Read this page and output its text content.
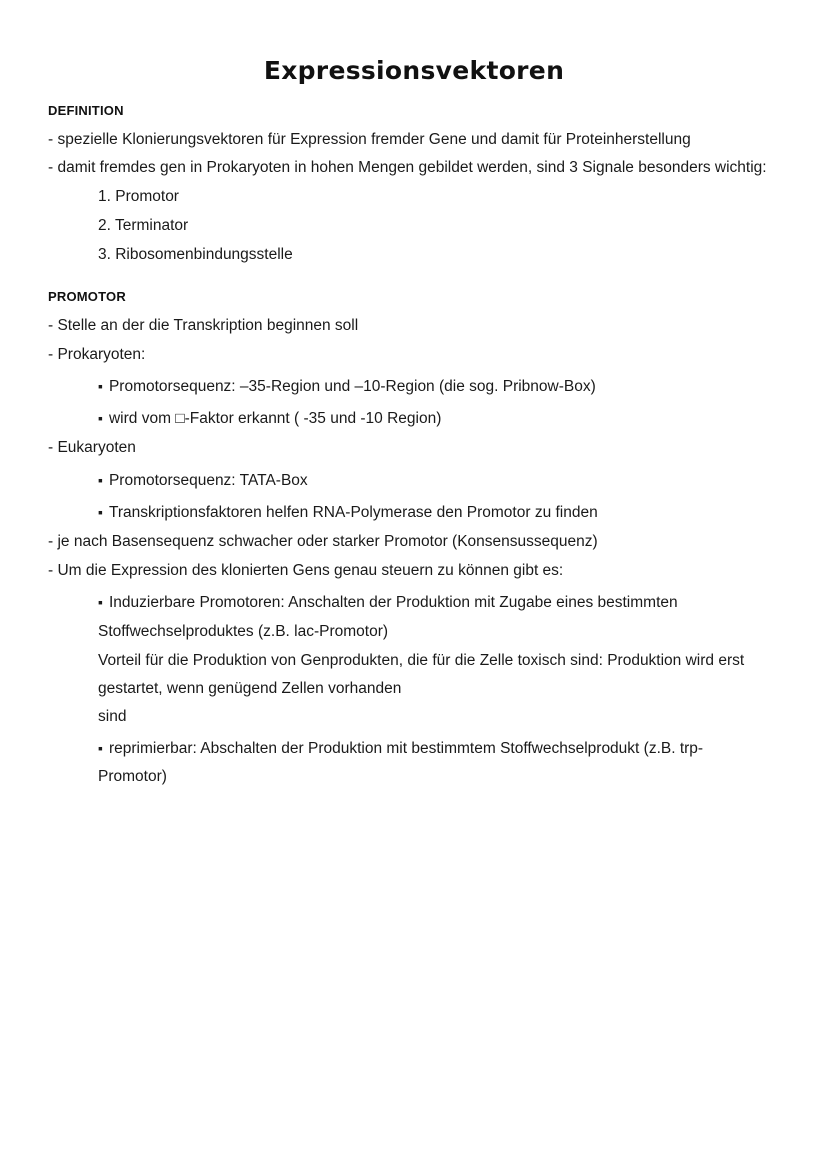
Expressionsvektoren
DEFINITION
- spezielle Klonierungsvektoren für Expression fremder Gene und damit für Proteinherstellung
- damit fremdes gen in Prokaryoten in hohen Mengen gebildet werden, sind 3 Signale besonders wichtig:
1. Promotor
2. Terminator
3. Ribosomenbindungsstelle
PROMOTOR
- Stelle an der die Transkription beginnen soll
- Prokaryoten:
▪ Promotorsequenz: –35-Region und –10-Region (die sog. Pribnow-Box)
▪ wird vom □-Faktor erkannt ( -35 und -10 Region)
- Eukaryoten
▪ Promotorsequenz: TATA-Box
▪ Transkriptionsfaktoren helfen RNA-Polymerase den Promotor zu finden
- je nach Basensequenz schwacher oder starker Promotor (Konsensussequenz)
- Um die Expression des klonierten Gens genau steuern zu können gibt es:
▪ Induzierbare Promotoren: Anschalten der Produktion mit Zugabe eines bestimmten
Stoffwechselproduktes (z.B. lac-Promotor)
Vorteil für die Produktion von Genprodukten, die für die Zelle toxisch sind: Produktion wird erst
gestartet, wenn genügend Zellen vorhanden
sind
▪ reprimierbar: Abschalten der Produktion mit bestimmtem Stoffwechselprodukt (z.B. trp-
Promotor)
